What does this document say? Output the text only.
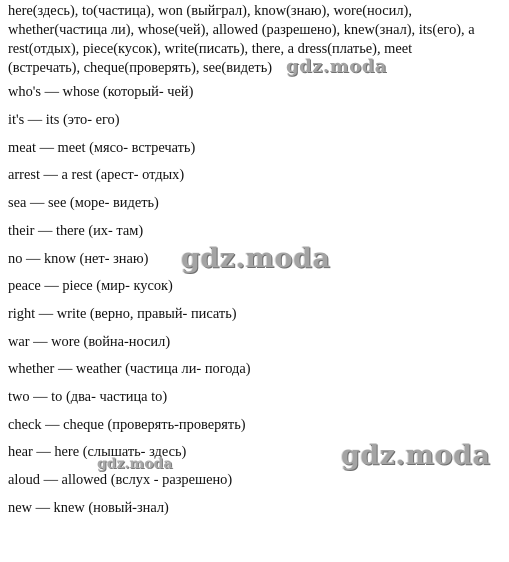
here(здесь), to(частица), won (выйграл), know(знаю), wore(носил),
whether(частица ли), whose(чей), allowed (разрешено), knew(знал), its(его), a
rest(отдых), piece(кусок), write(писать), there, a dress(платье), meet
(встречать), cheque(проверять), see(видеть)
who's — whose (который- чей)
it's — its (это- его)
meat — meet (мясо- встречать)
arrest — a rest (арест- отдых)
sea — see (море- видеть)
their — there (их- там)
no — know (нет- знаю)
peace — piece (мир- кусок)
right — write (верно, правый- писать)
war — wore (война-носил)
whether — weather (частица ли- погода)
two — to (два- частица to)
check — cheque (проверять-проверять)
hear — here (слышать- здесь)
aloud — allowed (вслух - разрешено)
new — knew (новый-знал)
gdz.moda
gdz.moda
gdz.moda
gdz.moda
